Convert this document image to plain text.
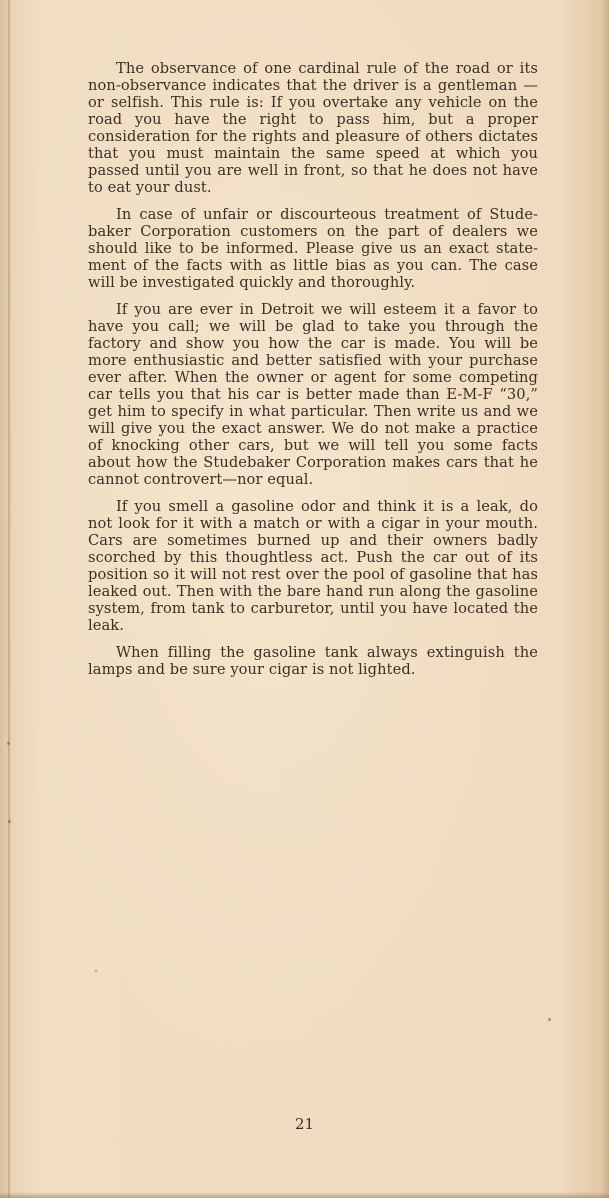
The observance of one cardinal rule of the road or its non-observance indicates that the driver is a gentleman —or selfish. This rule is: If you overtake any vehicle on the road you have the right to pass him, but a proper consideration for the rights and pleasure of others dictates that you must maintain the same speed at which you passed until you are well in front, so that he does not have to eat your dust.

In case of unfair or discourteous treatment of Studebaker Corporation customers on the part of dealers we should like to be informed. Please give us an exact statement of the facts with as little bias as you can. The case will be investigated quickly and thoroughly.

If you are ever in Detroit we will esteem it a favor to have you call; we will be glad to take you through the factory and show you how the car is made. You will be more enthusiastic and better satisfied with your purchase ever after. When the owner or agent for some competing car tells you that his car is better made than E-M-F “30,” get him to specify in what particular. Then write us and we will give you the exact answer. We do not make a practice of knocking other cars, but we will tell you some facts about how the Studebaker Corporation makes cars that he cannot controvert—nor equal.

If you smell a gasoline odor and think it is a leak, do not look for it with a match or with a cigar in your mouth. Cars are sometimes burned up and their owners badly scorched by this thoughtless act. Push the car out of its position so it will not rest over the pool of gasoline that has leaked out. Then with the bare hand run along the gasoline system, from tank to carburetor, until you have located the leak.

When filling the gasoline tank always extinguish the lamps and be sure your cigar is not lighted.

21
